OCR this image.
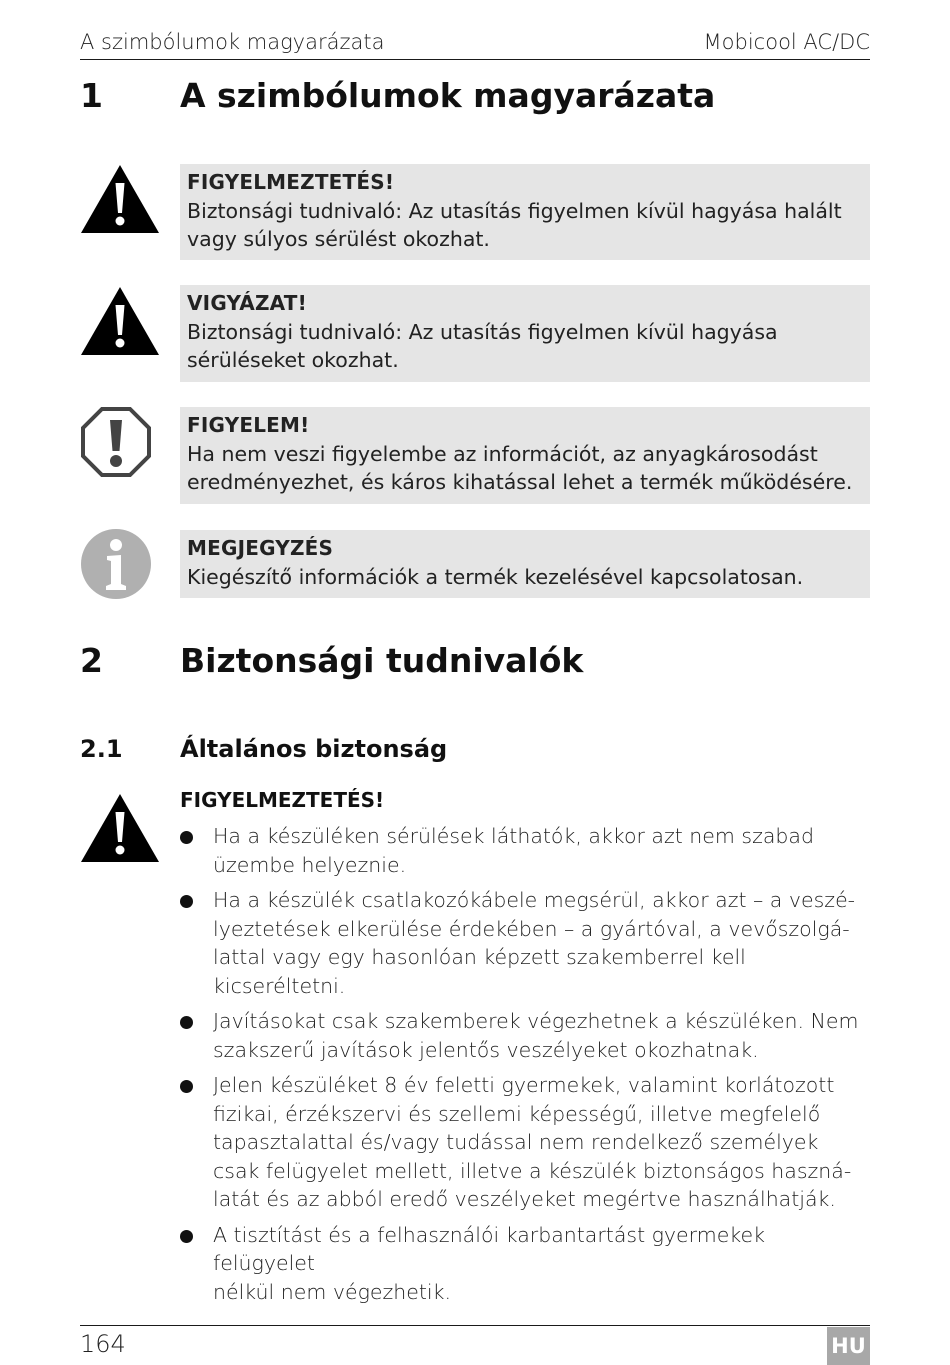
A szimbólumok magyarázata	Mobicool AC/DC
1 A szimbólumok magyarázata
FIGYELMEZTETÉS!
Biztonsági tudnivaló: Az utasítás figyelmen kívül hagyása halált
vagy súlyos sérülést okozhat.
VIGYÁZAT!
Biztonsági tudnivaló: Az utasítás figyelmen kívül hagyása
sérüléseket okozhat.
FIGYELEM!
Ha nem veszi figyelembe az információt, az anyagkárosodást
eredményezhet, és káros kihatással lehet a termék működésére.
MEGJEGYZÉS
Kiegészítő információk a termék kezelésével kapcsolatosan.
2 Biztonsági tudnivalók
2.1 Általános biztonság
FIGYELMEZTETÉS!
Ha a készüléken sérülések láthatók, akkor azt nem szabad
üzembe helyeznie.
Ha a készülék csatlakozókábele megsérül, akkor azt – a veszé-
lyeztetések elkerülése érdekében – a gyártóval, a vevőszolgá-
lattal vagy egy hasonlóan képzett szakemberrel kell
kicseréltetni.
Javításokat csak szakemberek végezhetnek a készüléken. Nem
szakszerű javítások jelentős veszélyeket okozhatnak.
Jelen készüléket 8 év feletti gyermekek, valamint korlátozott
fizikai, érzékszervi és szellemi képességű, illetve megfelelő
tapasztalattal és/vagy tudással nem rendelkező személyek
csak felügyelet mellett, illetve a készülék biztonságos haszná-
latát és az abból eredő veszélyeket megértve használhatják.
A tisztítást és a felhasználói karbantartást gyermekek felügyelet
nélkül nem végezhetik.
164	HU
